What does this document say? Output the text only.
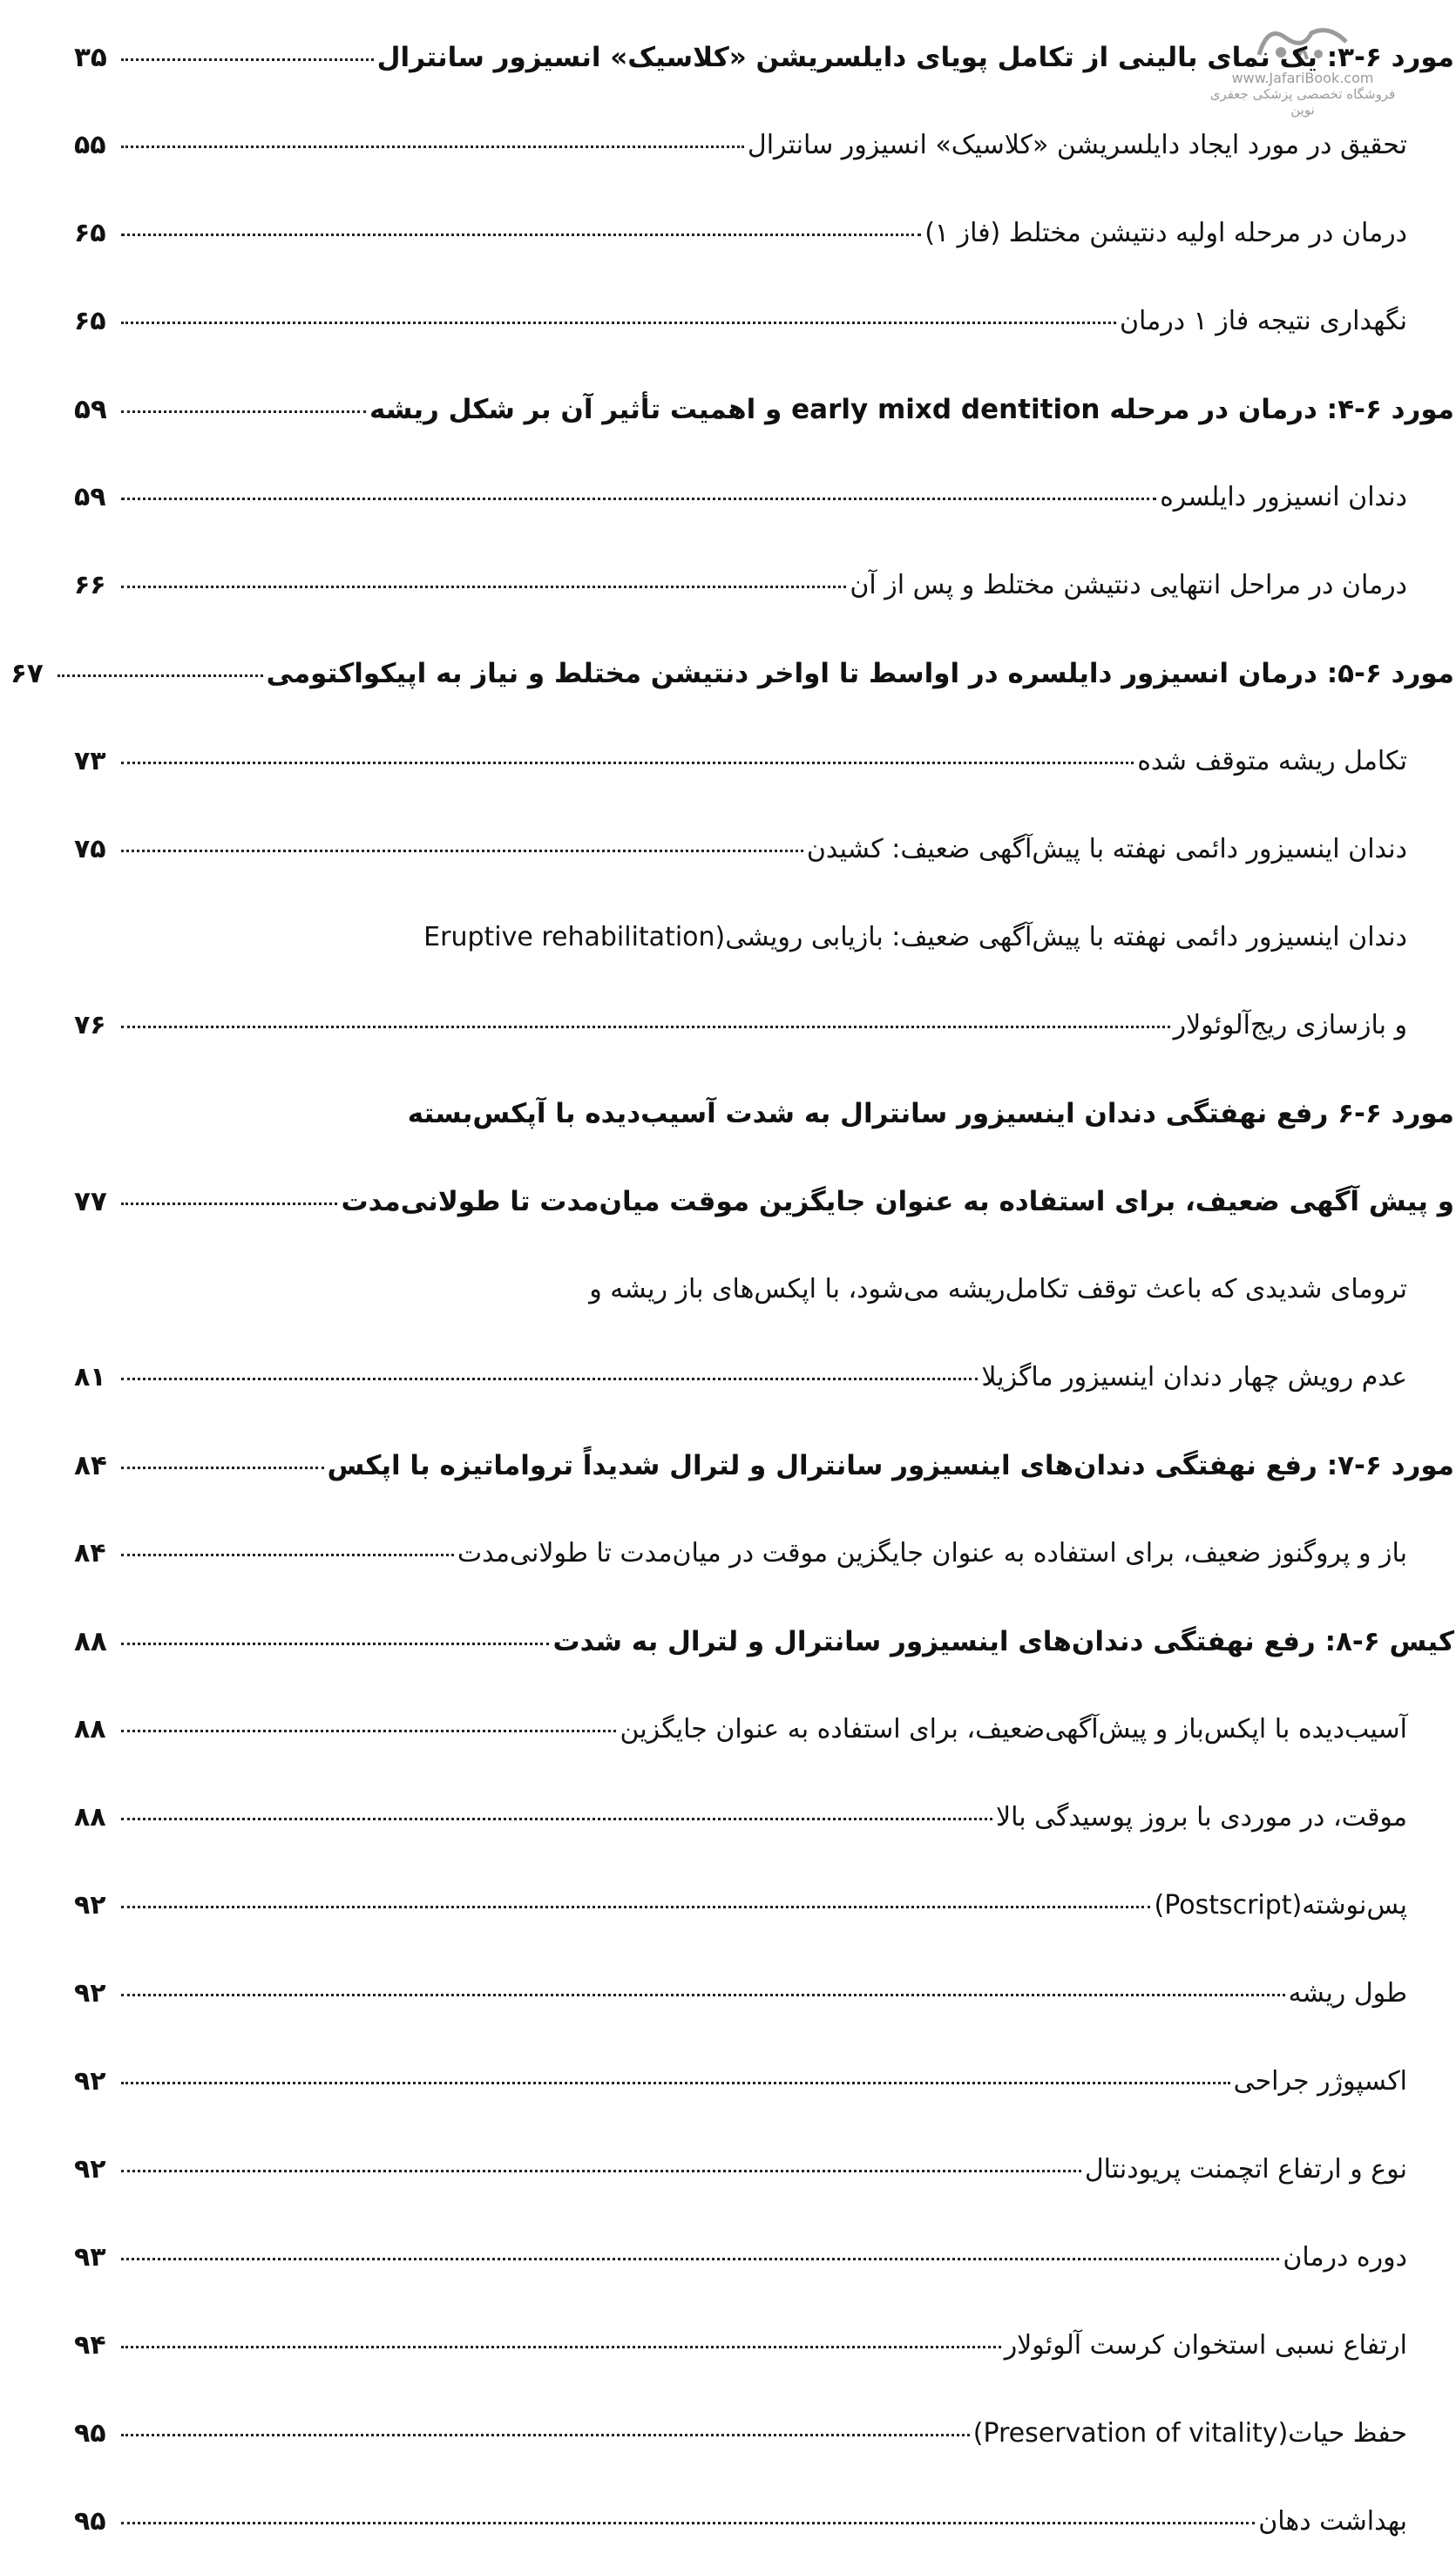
www.JafariBook.com
فروشگاه تخصصی پزشکی جعفری نوین
مورد ۶-۳: یک نمای بالینی از تکامل پویای دایلسریشن «کلاسیک» انسیزور سانترال
۳۵
تحقیق در مورد ایجاد دایلسریشن «کلاسیک» انسیزور سانترال
۵۵
درمان در مرحله اولیه دنتیشن مختلط (فاز ۱)
۶۵
نگهداری نتیجه فاز ۱ درمان
۶۵
مورد ۶-۴: درمان در مرحله early mixd dentition و اهمیت تأثیر آن بر شکل ریشه
۵۹
دندان انسیزور دایلسره
۵۹
درمان در مراحل انتهایی دنتیشن مختلط و پس از آن
۶۶
مورد ۶-۵: درمان انسیزور دایلسره در اواسط تا اواخر دنتیشن مختلط و نیاز به اپیکواکتومی
۶۷
تکامل ریشه متوقف شده
۷۳
دندان اینسیزور دائمی نهفته با پیش‌آگهی ضعیف: کشیدن
۷۵
دندان اینسیزور دائمی نهفته با پیش‌آگهی ضعیف: بازیابی رویشی(Eruptive rehabilitation
و بازسازی ریج‌آلوئولار
۷۶
مورد ۶-۶ رفع نهفتگی دندان اینسیزور سانترال به شدت آسیب‌دیده با آپکس‌بسته
و پیش آگهی ضعیف، برای استفاده به عنوان جایگزین موقت میان‌مدت تا طولانی‌مدت
۷۷
ترومای شدیدی که باعث توقف تکامل‌ریشه می‌شود، با اپکس‌های باز ریشه و
عدم رویش چهار دندان اینسیزور ماگزیلا
۸۱
مورد ۶-۷: رفع نهفتگی دندان‌های اینسیزور سانترال و لترال شدیداً ترواماتیزه با اپکس
۸۴
باز و پروگنوز ضعیف، برای استفاده به عنوان جایگزین موقت در میان‌مدت تا طولانی‌مدت
۸۴
کیس ۶-۸: رفع نهفتگی دندان‌های اینسیزور سانترال و لترال به شدت
۸۸
آسیب‌دیده با اپکس‌باز و پیش‌آگهی‌ضعیف، برای استفاده به عنوان جایگزین
۸۸
موقت، در موردی با بروز پوسیدگی بالا
۸۸
پس‌نوشته(Postscript)
۹۲
طول ریشه
۹۲
اکسپوژر جراحی
۹۲
نوع و ارتفاع اتچمنت پریودنتال
۹۲
دوره درمان
۹۳
ارتفاع نسبی استخوان کرست آلوئولار
۹۴
حفظ حیات(Preservation of vitality)
۹۵
بهداشت دهان
۹۵
